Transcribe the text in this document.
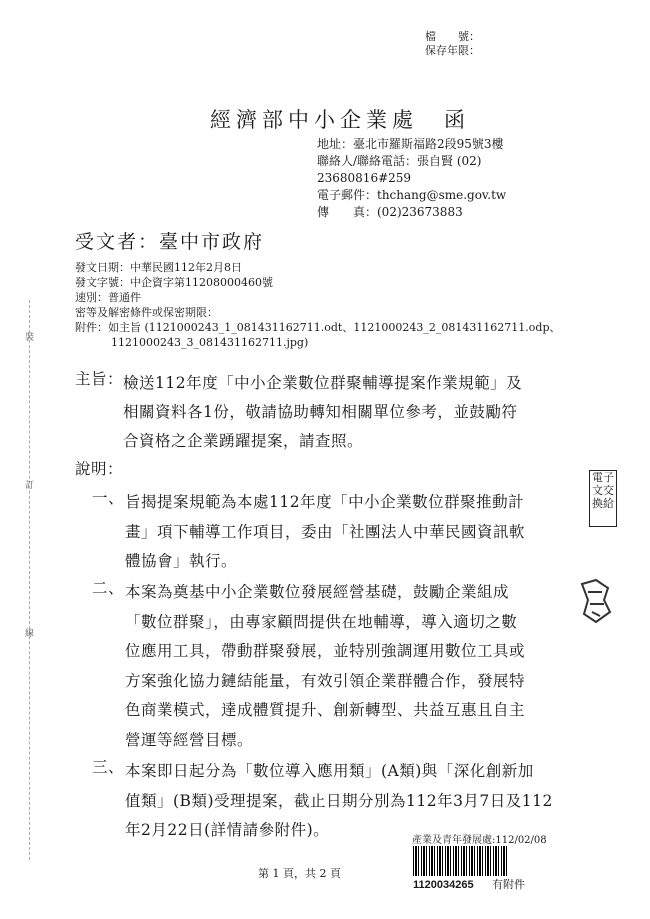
檔　　號：
保存年限：
經濟部中小企業處　函
地址：臺北市羅斯福路2段95號3樓
聯絡人/聯絡電話：張自賢 (02)
23680816#259
電子郵件：thchang@sme.gov.tw
傳　　真：(02)23673883
受文者：臺中市政府
發文日期：中華民國112年2月8日
發文字號：中企資字第11208000460號
速別：普通件
密等及解密條件或保密期限：
附件：如主旨 (1121000243_1_081431162711.odt、1121000243_2_081431162711.odp、
1121000243_3_081431162711.jpg)
主旨： 檢送112年度「中小企業數位群聚輔導提案作業規範」及
相關資料各1份，敬請協助轉知相關單位參考，並鼓勵符
合資格之企業踴躍提案，請查照。
說明：
一、 旨揭提案規範為本處112年度「中小企業數位群聚推動計
畫」項下輔導工作項目，委由「社團法人中華民國資訊軟
體協會」執行。
二、 本案為奠基中小企業數位發展經營基礎，鼓勵企業組成
「數位群聚」，由專家顧問提供在地輔導，導入適切之數
位應用工具，帶動群聚發展，並特別強調運用數位工具或
方案強化協力鏈結能量，有效引領企業群體合作，發展特
色商業模式，達成體質提升、創新轉型、共益互惠且自主
營運等經營目標。
三、 本案即日起分為「數位導入應用類」(A類)與「深化創新加
值類」(B類)受理提案，截止日期分別為112年3月7日及112
年2月22日(詳情請參附件)。
裝
訂
線
電子
文交
換給
第 1 頁，共 2 頁
產業及青年發展處:112/02/08
1120034265 有附件
